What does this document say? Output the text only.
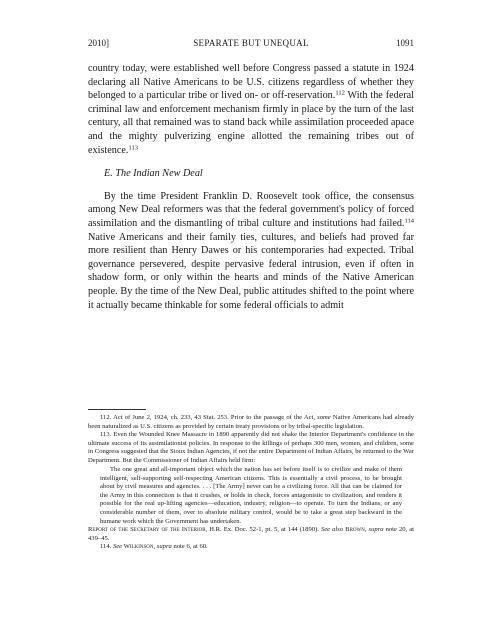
2010]	SEPARATE BUT UNEQUAL	1091

country today, were established well before Congress passed a statute in 1924 declaring all Native Americans to be U.S. citizens regardless of whether they belonged to a particular tribe or lived on- or off-reservation.$^{112}$ With the federal criminal law and enforcement mechanism firmly in place by the turn of the last century, all that remained was to stand back while assimilation proceeded apace and the mighty pulverizing engine allotted the remaining tribes out of existence.$^{113}$

E. The Indian New Deal

By the time President Franklin D. Roosevelt took office, the consensus among New Deal reformers was that the federal government's policy of forced assimilation and the dismantling of tribal culture and institutions had failed.$^{114}$ Native Americans and their family ties, cultures, and beliefs had proved far more resilient than Henry Dawes or his contemporaries had expected. Tribal governance persevered, despite pervasive federal intrusion, even if often in shadow form, or only within the hearts and minds of the Native American people. By the time of the New Deal, public attitudes shifted to the point where it actually became thinkable for some federal officials to admit

112. Act of June 2, 1924, ch. 233, 43 Stat. 253. Prior to the passage of the Act, some Native Americans had already been naturalized as U.S. citizens as provided by certain treaty provisions or by tribal-specific legislation.

113. Even the Wounded Knee Massacre in 1890 apparently did not shake the Interior Department's confidence in the ultimate success of its assimilationist policies. In response to the killings of perhaps 300 men, women, and children, some in Congress suggested that the Sioux Indian Agencies, if not the entire Department of Indian Affairs, be returned to the War Department. But the Commissioner of Indian Affairs held firm:

The one great and all-important object which the nation has set before itself is to civilize and make of them intelligent, self-supporting self-respecting American citizens. This is essentially a civil process, to be brought about by civil measures and agencies. . . . [The Army] never can be a civilizing force. All that can be claimed for the Army in this connection is that it crushes, or holds in check, forces antagonistic to civilization, and renders it possible for the real up-lifting agencies—education, industry, religion—to operate. To turn the Indians, or any considerable number of them, over to absolute military control, would be to take a great step backward in the humane work which the Government has undertaken.

Report of the Secretary of the Interior, H.R. Ex. Doc. 52-1, pt. 5, at 144 (1890). See also Brown, supra note 20, at 439–45.

114. See Wilkinson, supra note 6, at 60.
